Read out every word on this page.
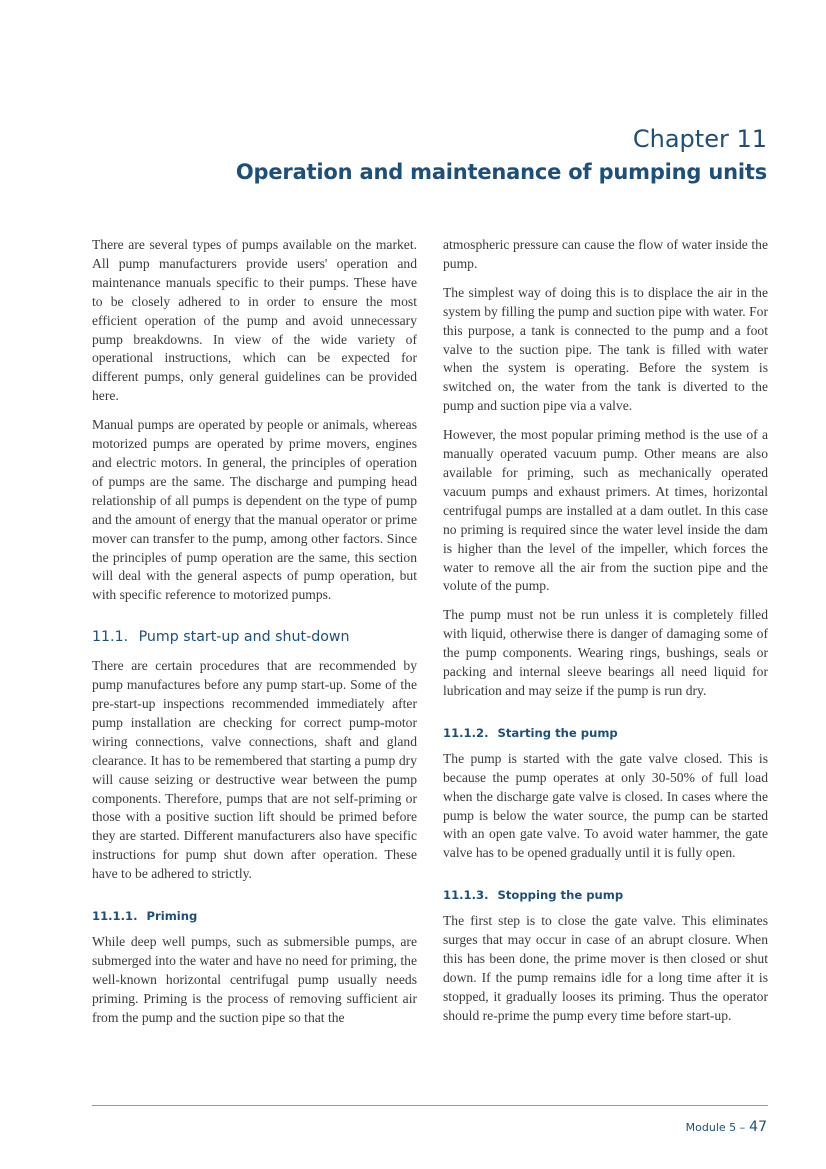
Chapter 11
Operation and maintenance of pumping units

There are several types of pumps available on the market. All pump manufacturers provide users' operation and maintenance manuals specific to their pumps. These have to be closely adhered to in order to ensure the most efficient operation of the pump and avoid unnecessary pump breakdowns. In view of the wide variety of operational instructions, which can be expected for different pumps, only general guidelines can be provided here.

Manual pumps are operated by people or animals, whereas motorized pumps are operated by prime movers, engines and electric motors. In general, the principles of operation of pumps are the same. The discharge and pumping head relationship of all pumps is dependent on the type of pump and the amount of energy that the manual operator or prime mover can transfer to the pump, among other factors. Since the principles of pump operation are the same, this section will deal with the general aspects of pump operation, but with specific reference to motorized pumps.

11.1. Pump start-up and shut-down

There are certain procedures that are recommended by pump manufactures before any pump start-up. Some of the pre-start-up inspections recommended immediately after pump installation are checking for correct pump-motor wiring connections, valve connections, shaft and gland clearance. It has to be remembered that starting a pump dry will cause seizing or destructive wear between the pump components. Therefore, pumps that are not self-priming or those with a positive suction lift should be primed before they are started. Different manufacturers also have specific instructions for pump shut down after operation. These have to be adhered to strictly.

11.1.1. Priming

While deep well pumps, such as submersible pumps, are submerged into the water and have no need for priming, the well-known horizontal centrifugal pump usually needs priming. Priming is the process of removing sufficient air from the pump and the suction pipe so that the

atmospheric pressure can cause the flow of water inside the pump.

The simplest way of doing this is to displace the air in the system by filling the pump and suction pipe with water. For this purpose, a tank is connected to the pump and a foot valve to the suction pipe. The tank is filled with water when the system is operating. Before the system is switched on, the water from the tank is diverted to the pump and suction pipe via a valve.

However, the most popular priming method is the use of a manually operated vacuum pump. Other means are also available for priming, such as mechanically operated vacuum pumps and exhaust primers. At times, horizontal centrifugal pumps are installed at a dam outlet. In this case no priming is required since the water level inside the dam is higher than the level of the impeller, which forces the water to remove all the air from the suction pipe and the volute of the pump.

The pump must not be run unless it is completely filled with liquid, otherwise there is danger of damaging some of the pump components. Wearing rings, bushings, seals or packing and internal sleeve bearings all need liquid for lubrication and may seize if the pump is run dry.

11.1.2. Starting the pump

The pump is started with the gate valve closed. This is because the pump operates at only 30-50% of full load when the discharge gate valve is closed. In cases where the pump is below the water source, the pump can be started with an open gate valve. To avoid water hammer, the gate valve has to be opened gradually until it is fully open.

11.1.3. Stopping the pump

The first step is to close the gate valve. This eliminates surges that may occur in case of an abrupt closure. When this has been done, the prime mover is then closed or shut down. If the pump remains idle for a long time after it is stopped, it gradually looses its priming. Thus the operator should re-prime the pump every time before start-up.

Module 5 – 47
